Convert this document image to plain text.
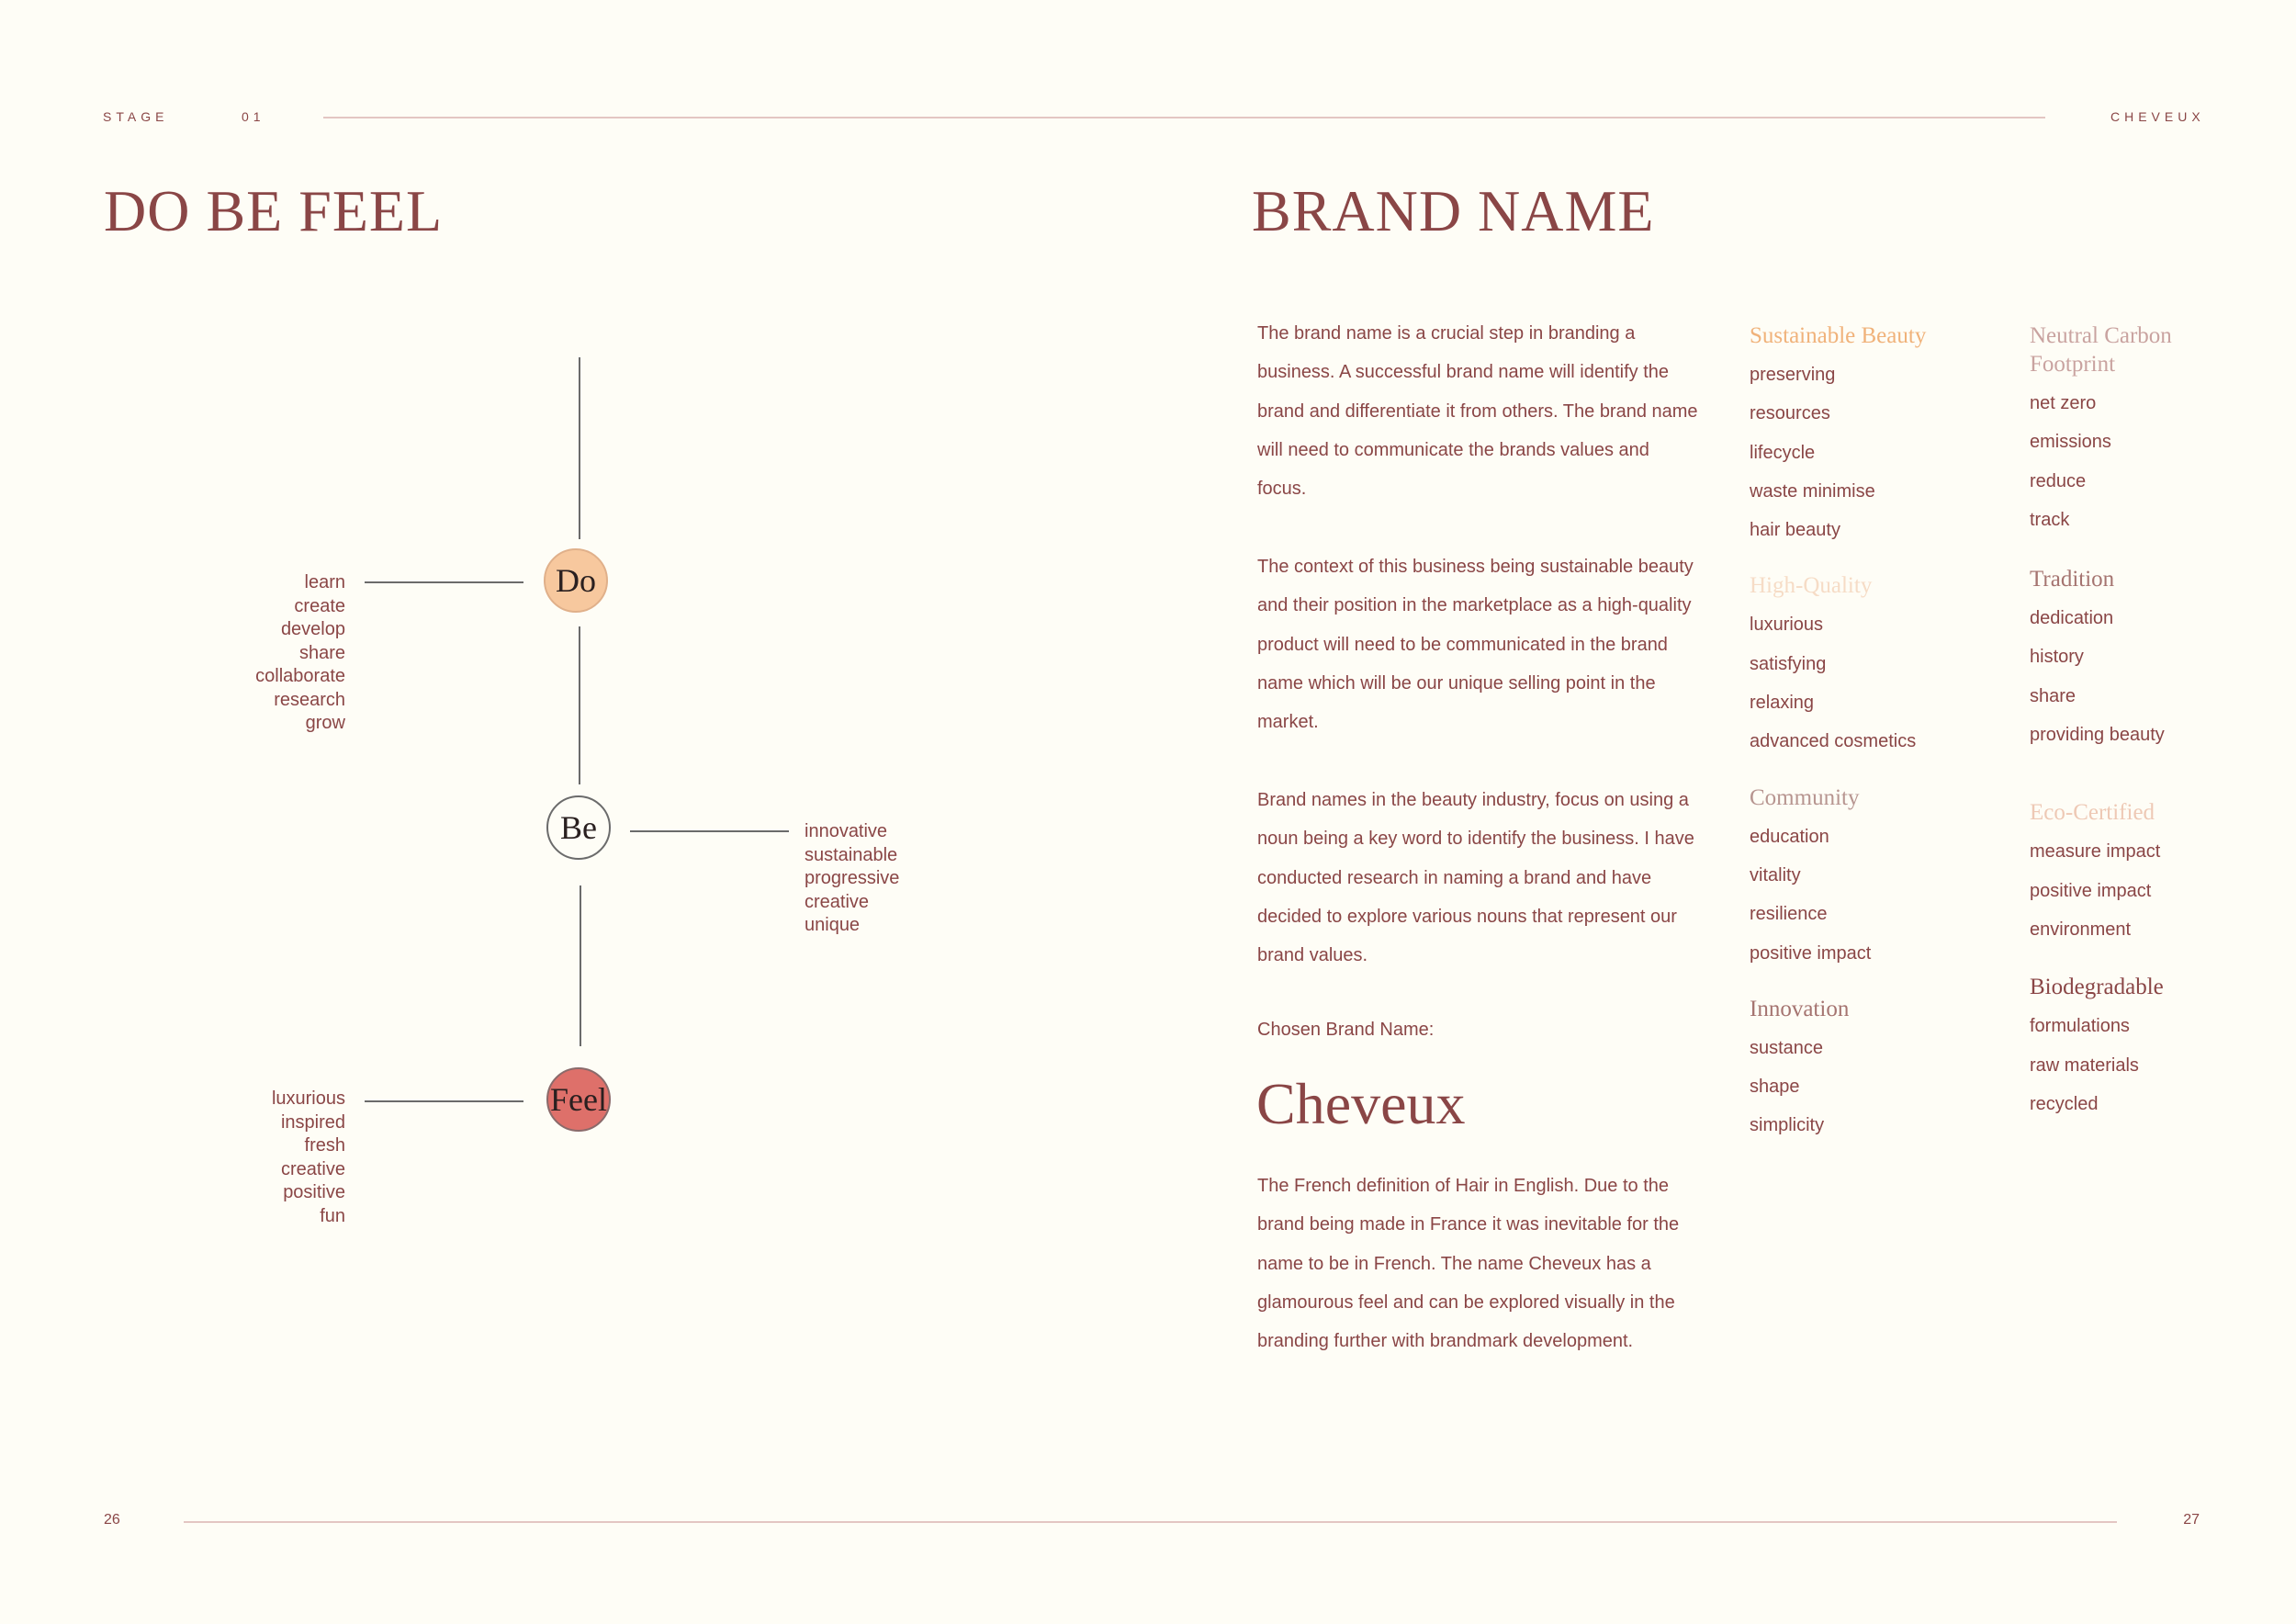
STAGE	01	CHEVEUX
DO BE FEEL
Do
Be
Feel
learn
create
develop
share
collaborate
research
grow
innovative
sustainable
progressive
creative
unique
luxurious
inspired
fresh
creative
positive
fun
26	27
BRAND NAME
The brand name is a crucial step in branding a business. A successful brand name will identify the brand and differentiate it from others. The brand name will need to communicate the brands values and focus.
The context of this business being sustainable beauty and their position in the marketplace as a high-quality product will need to be communicated in the brand name which will be our unique selling point in the market.
Brand names in the beauty industry, focus on using a noun being a key word to identify the business. I have conducted research in naming a brand and have decided to explore various nouns that represent our brand values.
Chosen Brand Name:
Cheveux
The French definition of Hair in English. Due to the brand being made in France it was inevitable for the name to be in French. The name Cheveux has a glamourous feel and can be explored visually in the branding further with brandmark development.
Sustainable Beauty
preserving
resources
lifecycle
waste minimise
hair beauty
High-Quality
luxurious
satisfying
relaxing
advanced cosmetics
Community
education
vitality
resilience
positive impact
Innovation
sustance
shape
simplicity
Neutral Carbon Footprint
net zero
emissions
reduce
track
Tradition
dedication
history
share
providing beauty
Eco-Certified
measure impact
positive impact
environment
Biodegradable
formulations
raw materials
recycled
